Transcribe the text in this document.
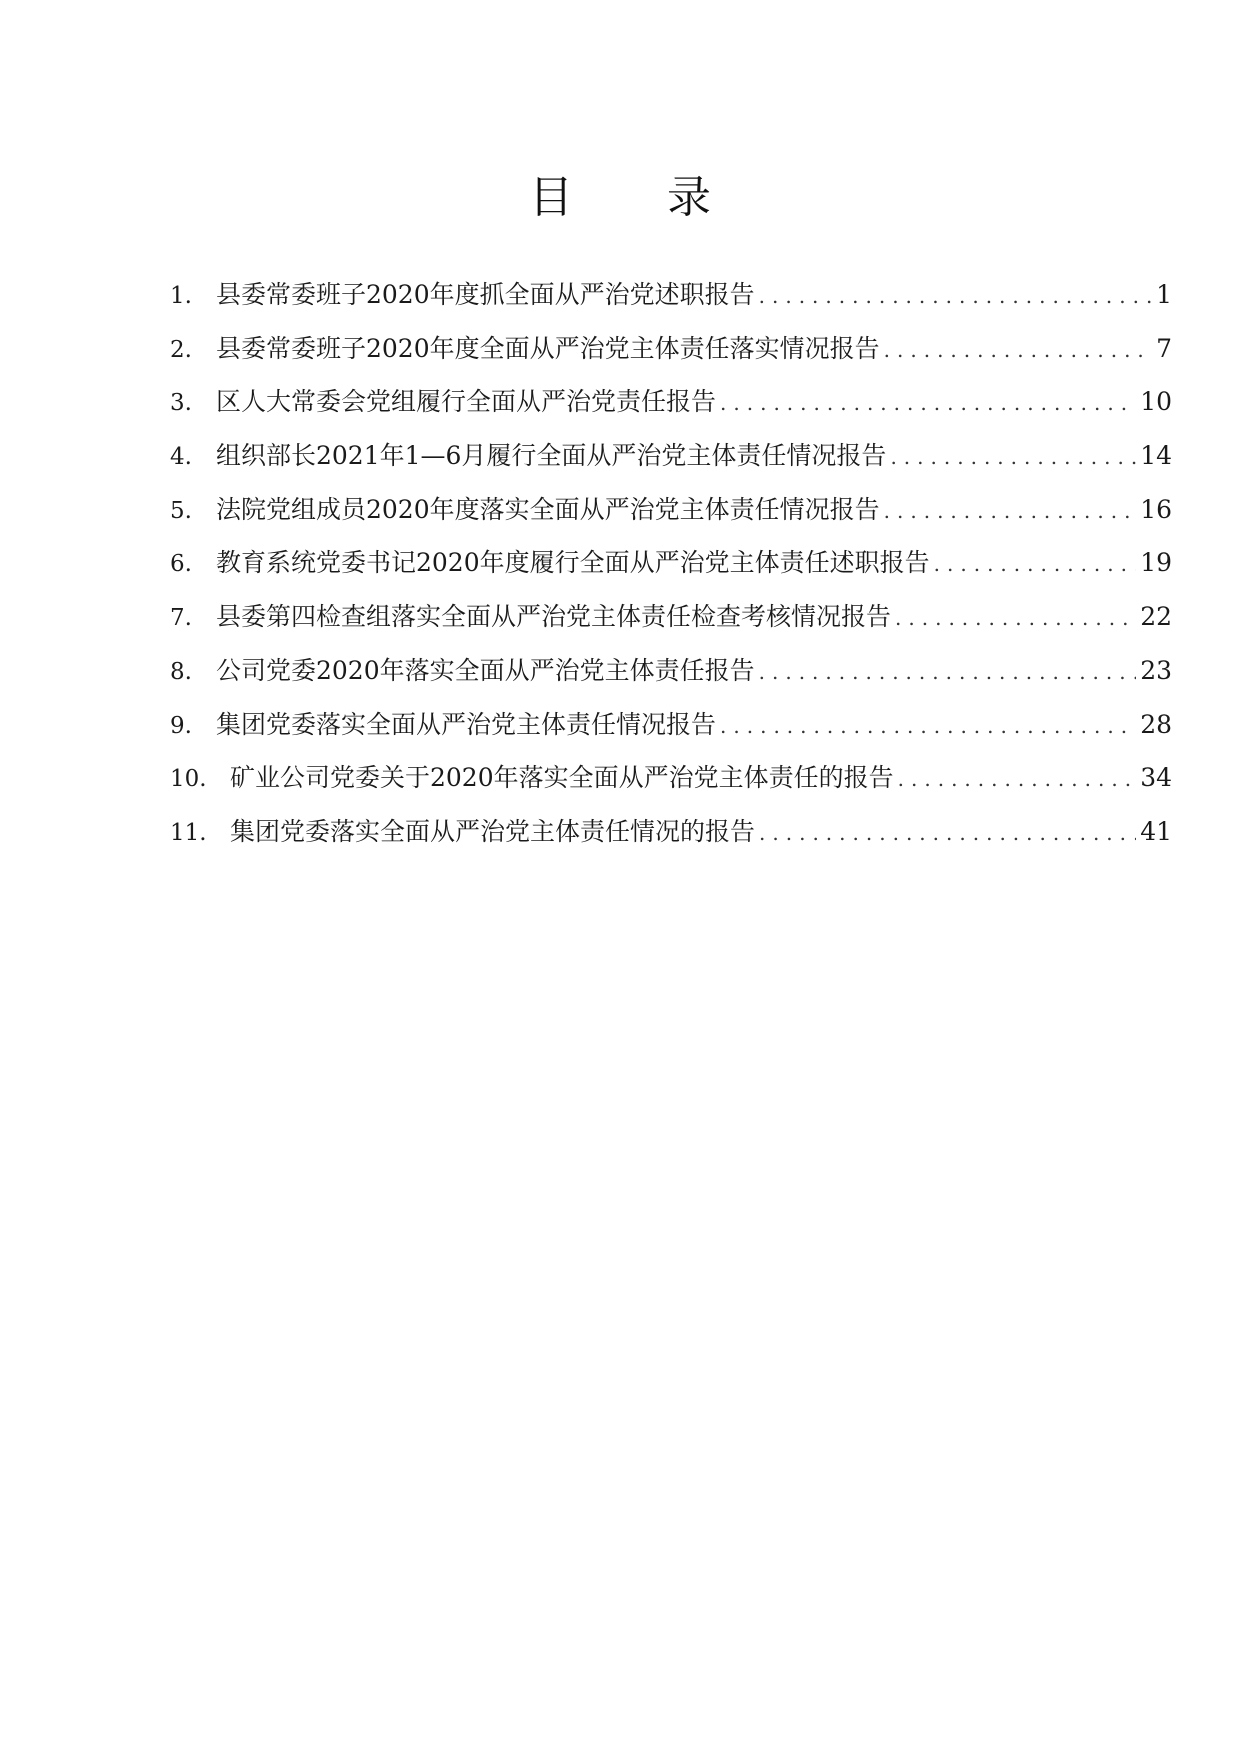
目 录
1. 县委常委班子2020年度抓全面从严治党述职报告 .....	1
2. 县委常委班子2020年度全面从严治党主体责任落实情况报告 .....	7
3. 区人大常委会党组履行全面从严治党责任报告 .....	10
4. 组织部长2021年1—6月履行全面从严治党主体责任情况报告 .....	14
5. 法院党组成员2020年度落实全面从严治党主体责任情况报告 .....	16
6. 教育系统党委书记2020年度履行全面从严治党主体责任述职报告 .....	19
7. 县委第四检查组落实全面从严治党主体责任检查考核情况报告 .....	22
8. 公司党委2020年落实全面从严治党主体责任报告 .....	23
9. 集团党委落实全面从严治党主体责任情况报告 .....	28
10. 矿业公司党委关于2020年落实全面从严治党主体责任的报告 .....	34
11. 集团党委落实全面从严治党主体责任情况的报告 .....	41
